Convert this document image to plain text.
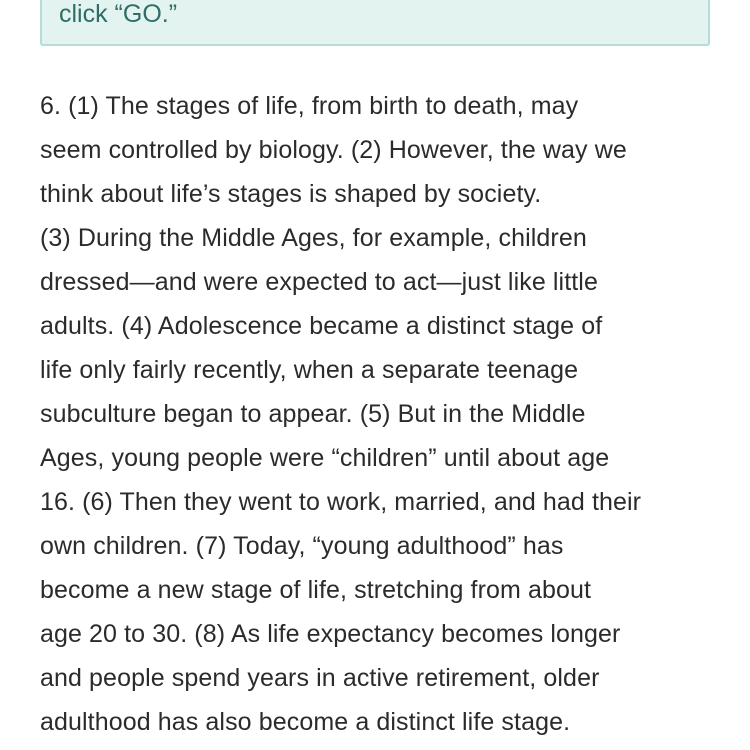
click “GO.”
6. (1) The stages of life, from birth to death, may
seem controlled by biology. (2) However, the way we
think about life’s stages is shaped by society.
(3) During the Middle Ages, for example, children
dressed—and were expected to act—just like little
adults. (4) Adolescence became a distinct stage of
life only fairly recently, when a separate teenage
subculture began to appear. (5) But in the Middle
Ages, young people were “children” until about age
16. (6) Then they went to work, married, and had their
own children. (7) Today, “young adulthood” has
become a new stage of life, stretching from about
age 20 to 30. (8) As life expectancy becomes longer
and people spend years in active retirement, older
adulthood has also become a distinct life stage.
